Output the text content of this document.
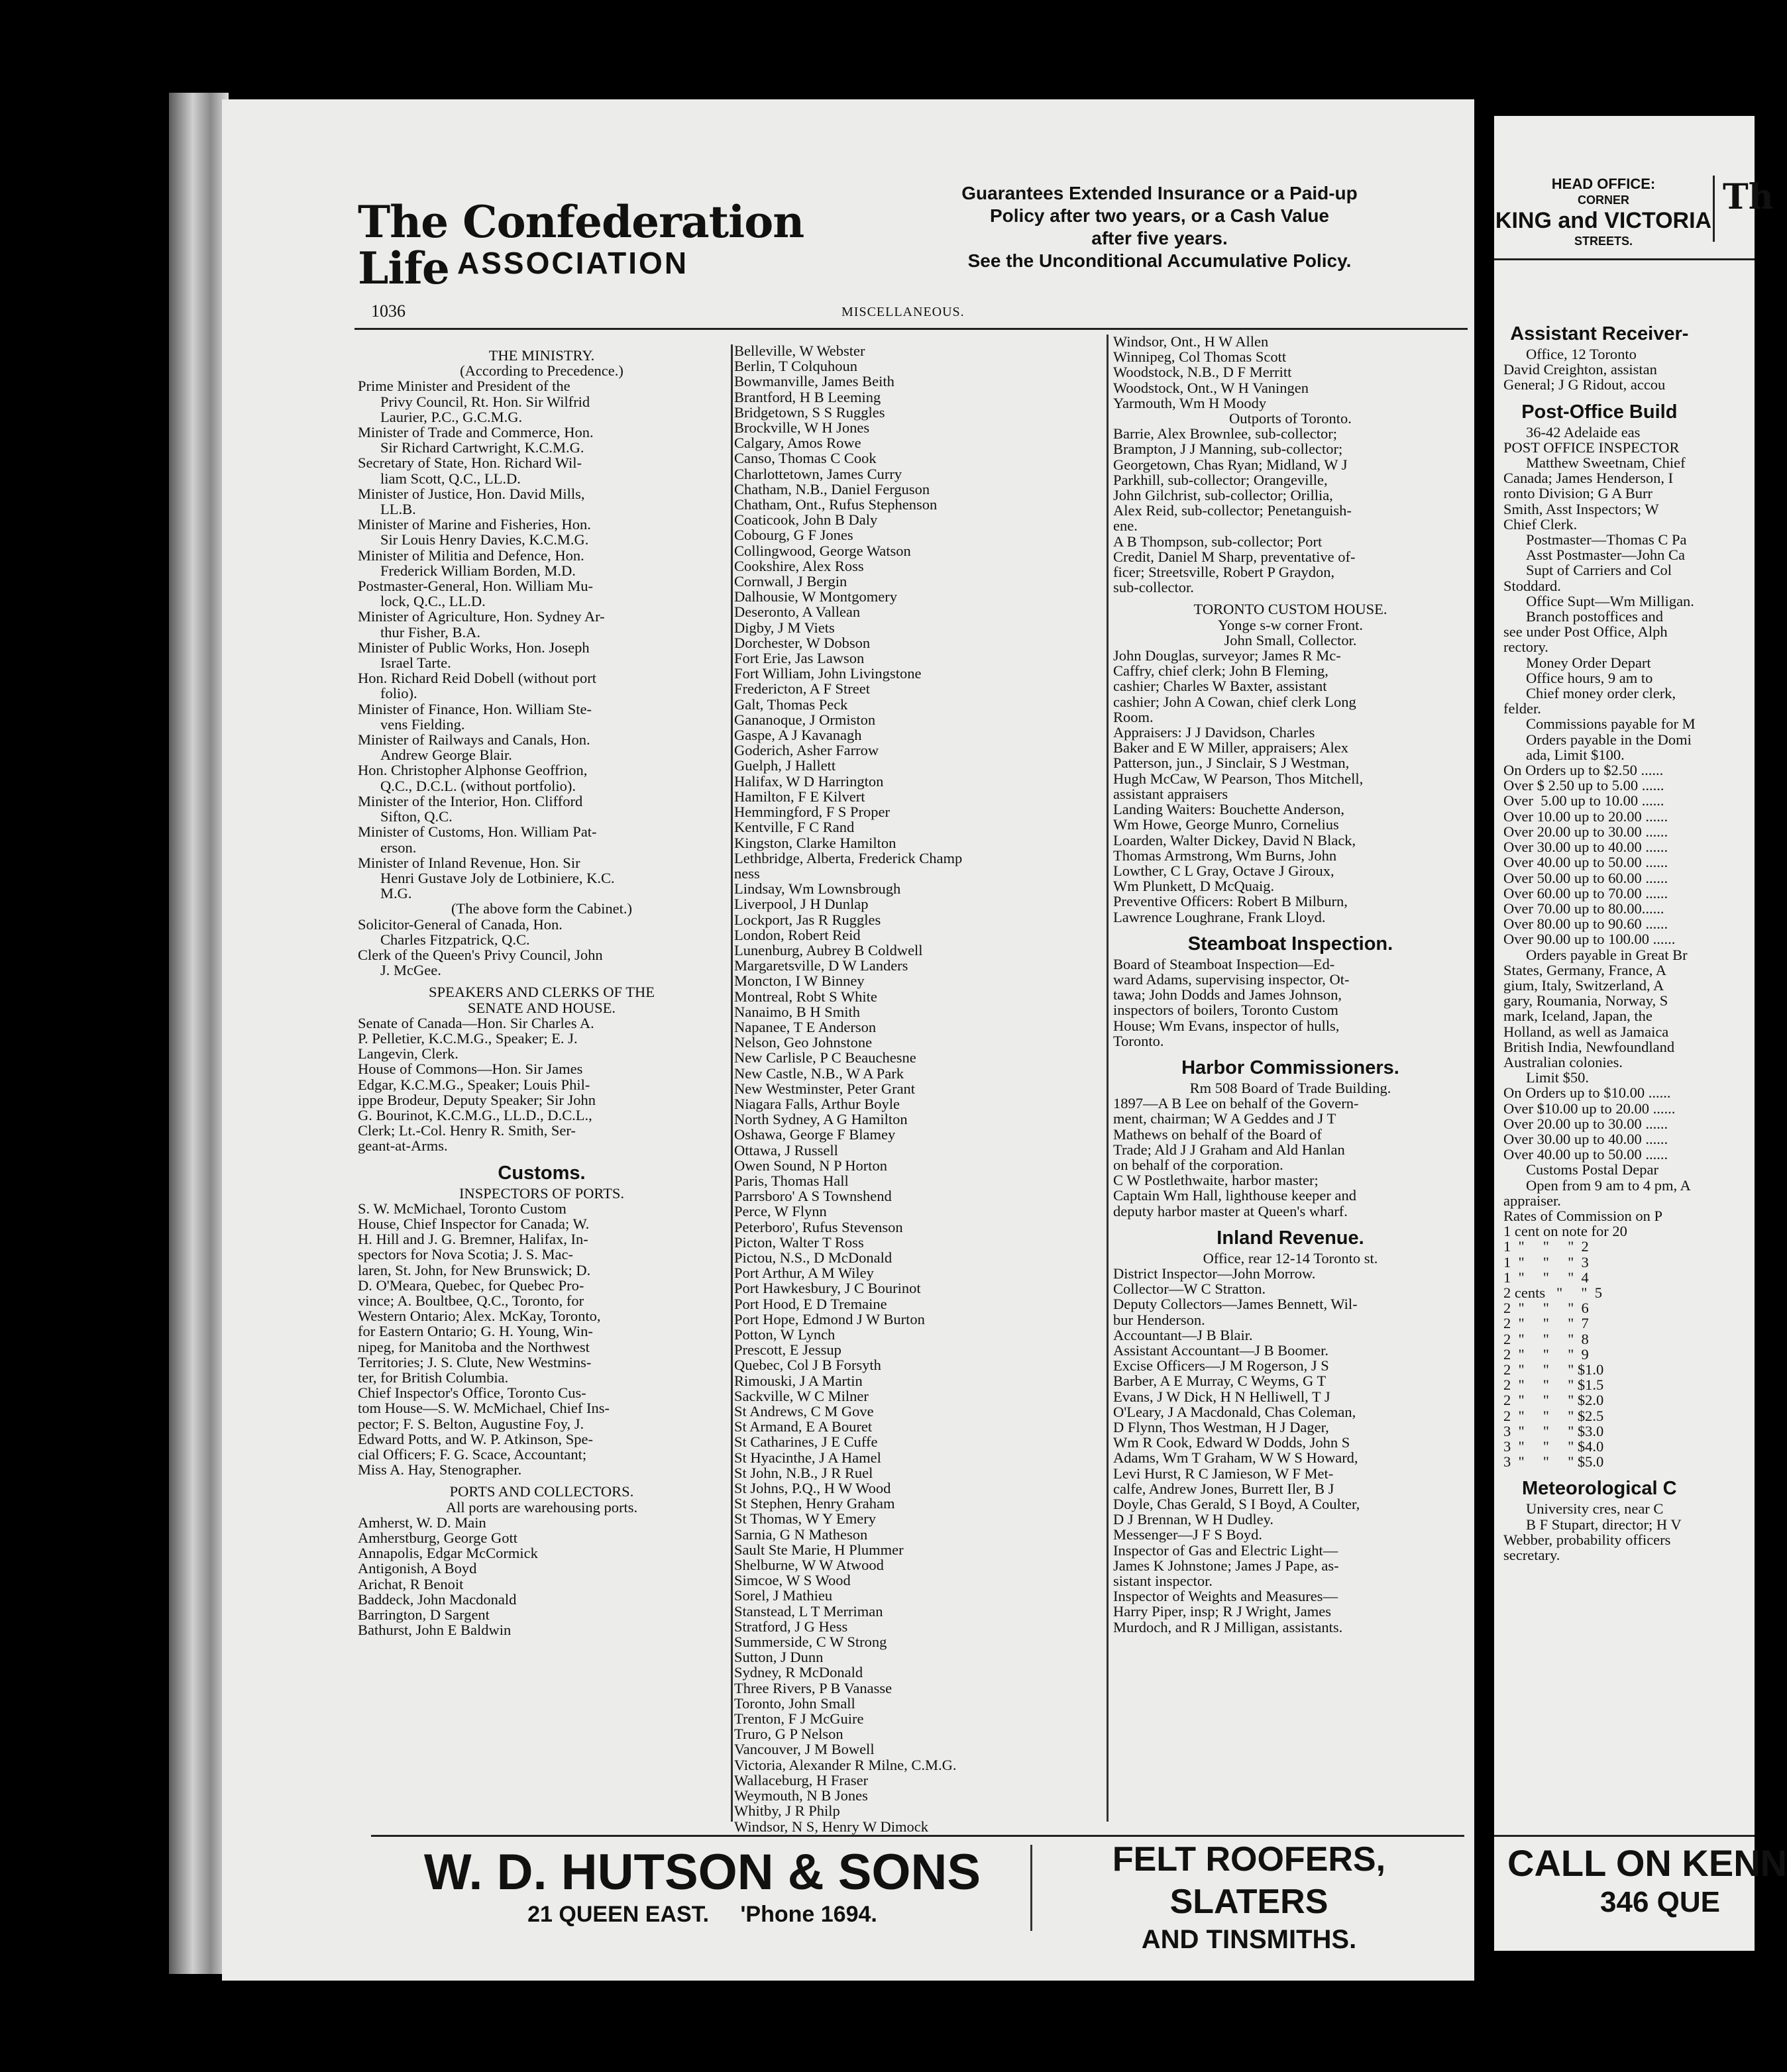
The Confederation Life ASSOCIATION
Guarantees Extended Insurance or a Paid-up
Policy after two years, or a Cash Value
after five years.
See the Unconditional Accumulative Policy.
1036	MISCELLANEOUS.
THE MINISTRY.
(According to Precedence.)
Prime Minister and President of the
Privy Council, Rt. Hon. Sir Wilfrid
Laurier, P.C., G.C.M.G.
Minister of Trade and Commerce, Hon.
Sir Richard Cartwright, K.C.M.G.
Secretary of State, Hon. Richard Wil-
liam Scott, Q.C., LL.D.
Minister of Justice, Hon. David Mills,
LL.B.
Minister of Marine and Fisheries, Hon.
Sir Louis Henry Davies, K.C.M.G.
Minister of Militia and Defence, Hon.
Frederick William Borden, M.D.
Postmaster-General, Hon. William Mu-
lock, Q.C., LL.D.
Minister of Agriculture, Hon. Sydney Ar-
thur Fisher, B.A.
Minister of Public Works, Hon. Joseph
Israel Tarte.
Hon. Richard Reid Dobell (without port
folio).
Minister of Finance, Hon. William Ste-
vens Fielding.
Minister of Railways and Canals, Hon.
Andrew George Blair.
Hon. Christopher Alphonse Geoffrion,
Q.C., D.C.L. (without portfolio).
Minister of the Interior, Hon. Clifford
Sifton, Q.C.
Minister of Customs, Hon. William Pat-
erson.
Minister of Inland Revenue, Hon. Sir
Henri Gustave Joly de Lotbiniere, K.C.
M.G.
(The above form the Cabinet.)
Solicitor-General of Canada, Hon.
Charles Fitzpatrick, Q.C.
Clerk of the Queen's Privy Council, John
J. McGee.
SPEAKERS AND CLERKS OF THE
SENATE AND HOUSE.
Senate of Canada—Hon. Sir Charles A.
P. Pelletier, K.C.M.G., Speaker; E. J.
Langevin, Clerk.
House of Commons—Hon. Sir James
Edgar, K.C.M.G., Speaker; Louis Phil-
ippe Brodeur, Deputy Speaker; Sir John
G. Bourinot, K.C.M.G., LL.D., D.C.L.,
Clerk; Lt.-Col. Henry R. Smith, Ser-
geant-at-Arms.
Customs.
INSPECTORS OF PORTS.
S. W. McMichael, Toronto Custom
House, Chief Inspector for Canada; W.
H. Hill and J. G. Bremner, Halifax, In-
spectors for Nova Scotia; J. S. Mac-
laren, St. John, for New Brunswick; D.
D. O'Meara, Quebec, for Quebec Pro-
vince; A. Boultbee, Q.C., Toronto, for
Western Ontario; Alex. McKay, Toronto,
for Eastern Ontario; G. H. Young, Win-
nipeg, for Manitoba and the Northwest
Territories; J. S. Clute, New Westmins-
ter, for British Columbia.
Chief Inspector's Office, Toronto Cus-
tom House—S. W. McMichael, Chief Ins-
pector; F. S. Belton, Augustine Foy, J.
Edward Potts, and W. P. Atkinson, Spe-
cial Officers; F. G. Scace, Accountant;
Miss A. Hay, Stenographer.
PORTS AND COLLECTORS.
All ports are warehousing ports.
Amherst, W. D. Main
Amherstburg, George Gott
Annapolis, Edgar McCormick
Antigonish, A Boyd
Arichat, R Benoit
Baddeck, John Macdonald
Barrington, D Sargent
Bathurst, John E Baldwin
Belleville, W Webster
Berlin, T Colquhoun
Bowmanville, James Beith
Brantford, H B Leeming
Bridgetown, S S Ruggles
Brockville, W H Jones
Calgary, Amos Rowe
Canso, Thomas C Cook
Charlottetown, James Curry
Chatham, N.B., Daniel Ferguson
Chatham, Ont., Rufus Stephenson
Coaticook, John B Daly
Cobourg, G F Jones
Collingwood, George Watson
Cookshire, Alex Ross
Cornwall, J Bergin
Dalhousie, W Montgomery
Deseronto, A Vallean
Digby, J M Viets
Dorchester, W Dobson
Fort Erie, Jas Lawson
Fort William, John Livingstone
Fredericton, A F Street
Galt, Thomas Peck
Gananoque, J Ormiston
Gaspe, A J Kavanagh
Goderich, Asher Farrow
Guelph, J Hallett
Halifax, W D Harrington
Hamilton, F E Kilvert
Hemmingford, F S Proper
Kentville, F C Rand
Kingston, Clarke Hamilton
Lethbridge, Alberta, Frederick Champ
ness
Lindsay, Wm Lownsbrough
Liverpool, J H Dunlap
Lockport, Jas R Ruggles
London, Robert Reid
Lunenburg, Aubrey B Coldwell
Margaretsville, D W Landers
Moncton, I W Binney
Montreal, Robt S White
Nanaimo, B H Smith
Napanee, T E Anderson
Nelson, Geo Johnstone
New Carlisle, P C Beauchesne
New Castle, N.B., W A Park
New Westminster, Peter Grant
Niagara Falls, Arthur Boyle
North Sydney, A G Hamilton
Oshawa, George F Blamey
Ottawa, J Russell
Owen Sound, N P Horton
Paris, Thomas Hall
Parrsboro' A S Townshend
Perce, W Flynn
Peterboro', Rufus Stevenson
Picton, Walter T Ross
Pictou, N.S., D McDonald
Port Arthur, A M Wiley
Port Hawkesbury, J C Bourinot
Port Hood, E D Tremaine
Port Hope, Edmond J W Burton
Potton, W Lynch
Prescott, E Jessup
Quebec, Col J B Forsyth
Rimouski, J A Martin
Sackville, W C Milner
St Andrews, C M Gove
St Armand, E A Bouret
St Catharines, J E Cuffe
St Hyacinthe, J A Hamel
St John, N.B., J R Ruel
St Johns, P.Q., H W Wood
St Stephen, Henry Graham
St Thomas, W Y Emery
Sarnia, G N Matheson
Sault Ste Marie, H Plummer
Shelburne, W W Atwood
Simcoe, W S Wood
Sorel, J Mathieu
Stanstead, L T Merriman
Stratford, J G Hess
Summerside, C W Strong
Sutton, J Dunn
Sydney, R McDonald
Three Rivers, P B Vanasse
Toronto, John Small
Trenton, F J McGuire
Truro, G P Nelson
Vancouver, J M Bowell
Victoria, Alexander R Milne, C.M.G.
Wallaceburg, H Fraser
Weymouth, N B Jones
Whitby, J R Philp
Windsor, N S, Henry W Dimock
Windsor, Ont., H W Allen
Winnipeg, Col Thomas Scott
Woodstock, N.B., D F Merritt
Woodstock, Ont., W H Vaningen
Yarmouth, Wm H Moody
Outports of Toronto.
Barrie, Alex Brownlee, sub-collector;
Brampton, J J Manning, sub-collector;
Georgetown, Chas Ryan; Midland, W J
Parkhill, sub-collector; Orangeville,
John Gilchrist, sub-collector; Orillia,
Alex Reid, sub-collector; Penetanguish-
ene.
A B Thompson, sub-collector; Port
Credit, Daniel M Sharp, preventative of-
ficer; Streetsville, Robert P Graydon,
sub-collector.
TORONTO CUSTOM HOUSE.
Yonge s-w corner Front.
John Small, Collector.
John Douglas, surveyor; James R Mc-
Caffry, chief clerk; John B Fleming,
cashier; Charles W Baxter, assistant
cashier; John A Cowan, chief clerk Long
Room.
Appraisers: J J Davidson, Charles
Baker and E W Miller, appraisers; Alex
Patterson, jun., J Sinclair, S J Westman,
Hugh McCaw, W Pearson, Thos Mitchell,
assistant appraisers
Landing Waiters: Bouchette Anderson,
Wm Howe, George Munro, Cornelius
Loarden, Walter Dickey, David N Black,
Thomas Armstrong, Wm Burns, John
Lowther, C L Gray, Octave J Giroux,
Wm Plunkett, D McQuaig.
Preventive Officers: Robert B Milburn,
Lawrence Loughrane, Frank Lloyd.
Steamboat Inspection.
Board of Steamboat Inspection—Ed-
ward Adams, supervising inspector, Ot-
tawa; John Dodds and James Johnson,
inspectors of boilers, Toronto Custom
House; Wm Evans, inspector of hulls,
Toronto.
Harbor Commissioners.
Rm 508 Board of Trade Building.
1897—A B Lee on behalf of the Govern-
ment, chairman; W A Geddes and J T
Mathews on behalf of the Board of
Trade; Ald J J Graham and Ald Hanlan
on behalf of the corporation.
C W Postlethwaite, harbor master;
Captain Wm Hall, lighthouse keeper and
deputy harbor master at Queen's wharf.
Inland Revenue.
Office, rear 12-14 Toronto st.
District Inspector—John Morrow.
Collector—W C Stratton.
Deputy Collectors—James Bennett, Wil-
bur Henderson.
Accountant—J B Blair.
Assistant Accountant—J B Boomer.
Excise Officers—J M Rogerson, J S
Barber, A E Murray, C Weyms, G T
Evans, J W Dick, H N Helliwell, T J
O'Leary, J A Macdonald, Chas Coleman,
D Flynn, Thos Westman, H J Dager,
Wm R Cook, Edward W Dodds, John S
Adams, Wm T Graham, W W S Howard,
Levi Hurst, R C Jamieson, W F Met-
calfe, Andrew Jones, Burrett Iler, B J
Doyle, Chas Gerald, S I Boyd, A Coulter,
D J Brennan, W H Dudley.
Messenger—J F S Boyd.
Inspector of Gas and Electric Light—
James K Johnstone; James J Pape, as-
sistant inspector.
Inspector of Weights and Measures—
Harry Piper, insp; R J Wright, James
Murdoch, and R J Milligan, assistants.
W. D. HUTSON & SONS
21 QUEEN EAST.     'Phone 1694.
FELT ROOFERS, SLATERS
AND TINSMITHS.
HEAD OFFICE:
CORNER
KING and VICTORIA
STREETS.
Th
Assistant Receiver-
Office, 12 Toronto
David Creighton, assistan
General; J G Ridout, accou
Post-Office Build
36-42 Adelaide eas
POST OFFICE INSPECTOR
Matthew Sweetnam, Chief
Canada; James Henderson, I
ronto Division; G A Burr
Smith, Asst Inspectors; W
Chief Clerk.
Postmaster—Thomas C Pa
Asst Postmaster—John Ca
Supt of Carriers and Col
Stoddard.
Office Supt—Wm Milligan.
Branch postoffices and
see under Post Office, Alph
rectory.
Money Order Depart
Office hours, 9 am to
Chief money order clerk,
felder.
Commissions payable for M
Orders payable in the Domi
ada, Limit $100.
On Orders up to $2.50 ......
Over $ 2.50 up to 5.00 ......
Over  5.00 up to 10.00 ......
Over 10.00 up to 20.00 ......
Over 20.00 up to 30.00 ......
Over 30.00 up to 40.00 ......
Over 40.00 up to 50.00 ......
Over 50.00 up to 60.00 ......
Over 60.00 up to 70.00 ......
Over 70.00 up to 80.00......
Over 80.00 up to 90.60 ......
Over 90.00 up to 100.00 ......
Orders payable in Great Br
States, Germany, France, A
gium, Italy, Switzerland, A
gary, Roumania, Norway, S
mark, Iceland, Japan, the
Holland, as well as Jamaica
British India, Newfoundland
Australian colonies.
Limit $50.
On Orders up to $10.00 ......
Over $10.00 up to 20.00 ......
Over 20.00 up to 30.00 ......
Over 30.00 up to 40.00 ......
Over 40.00 up to 50.00 ......
Customs Postal Depar
Open from 9 am to 4 pm, A
appraiser.
Rates of Commission on P
1 cent on note for 20
1  "     "     "  2
1  "     "     "  3
1  "     "     "  4
2 cents   "     "  5
2  "     "     "  6
2  "     "     "  7
2  "     "     "  8
2  "     "     "  9
2  "     "     " $1.0
2  "     "     " $1.5
2  "     "     " $2.0
2  "     "     " $2.5
3  "     "     " $3.0
3  "     "     " $4.0
3  "     "     " $5.0
Meteorological C
University cres, near C
B F Stupart, director; H V
Webber, probability officers
secretary.
CALL ON KENN
346 QUE
